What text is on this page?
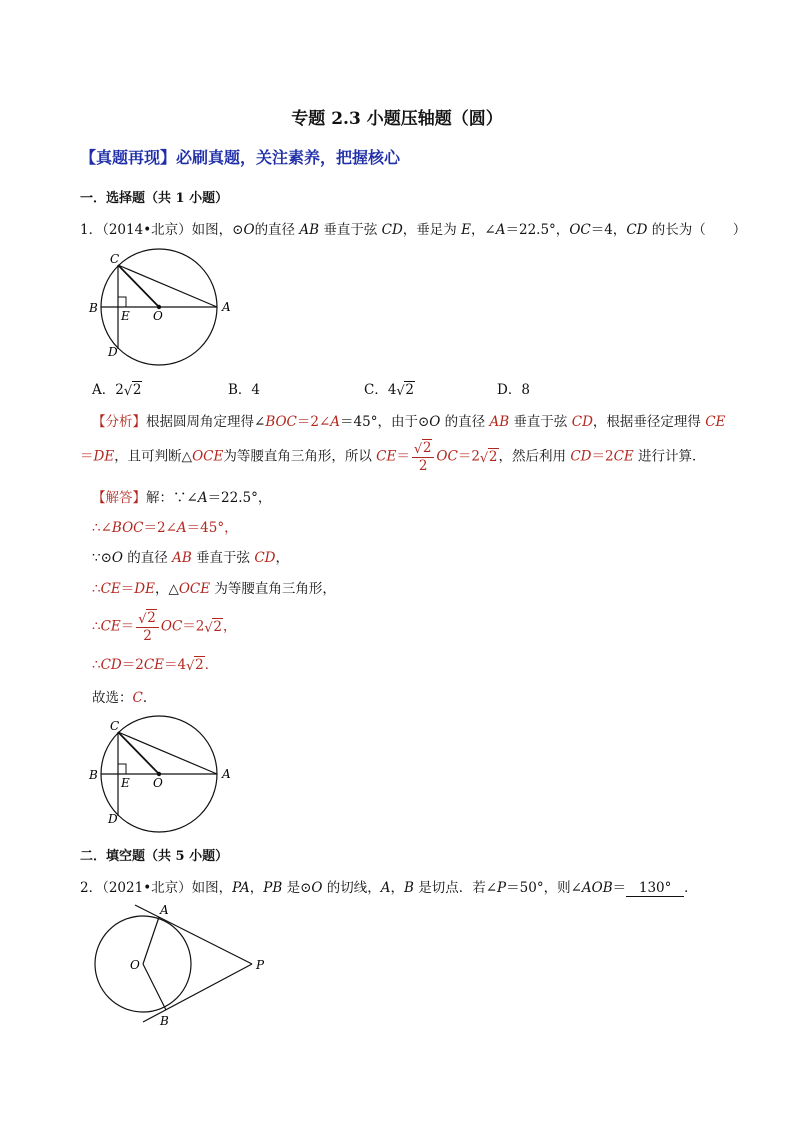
专题 2.3 小题压轴题（圆）
【真题再现】必刷真题，关注素养，把握核心
一．选择题（共 1 小题）
1．（2014•北京）如图，⊙O的直径 AB 垂直于弦 CD，垂足为 E，∠A＝22.5°，OC＝4，CD 的长为（　　）
C
B
E O
A
D
A．2 √ 2	B．4	C．4 √ 2	D．8
【分析】根据圆周角定理得∠BOC＝2∠A＝45°，由于⊙O 的直径 AB 垂直于弦 CD，根据垂径定理得 CE
＝DE，且可判断△OCE为等腰直角三角形，所以 $CE= \frac{√ 2}{2} OC=2$ √ 2，然后利用 CD＝2CE 进行计算．
【解答】解：∵∠A＝22.5°，
∴∠BOC＝2∠A＝45°，
∵⊙O 的直径 AB 垂直于弦 CD，
∴CE＝DE，△OCE 为等腰直角三角形，
∴CE＝ $\frac{√ 2}{2} OC=2$ √ 2，
∴CD＝2CE＝4 √ 2．
故选：C．
C
B
E O
A
D
二．填空题（共 5 小题）
2．（2021•北京）如图，PA，PB 是⊙O 的切线，A，B 是切点．若∠P＝50°，则∠AOB＝ 130° ．
A
B
O	P
